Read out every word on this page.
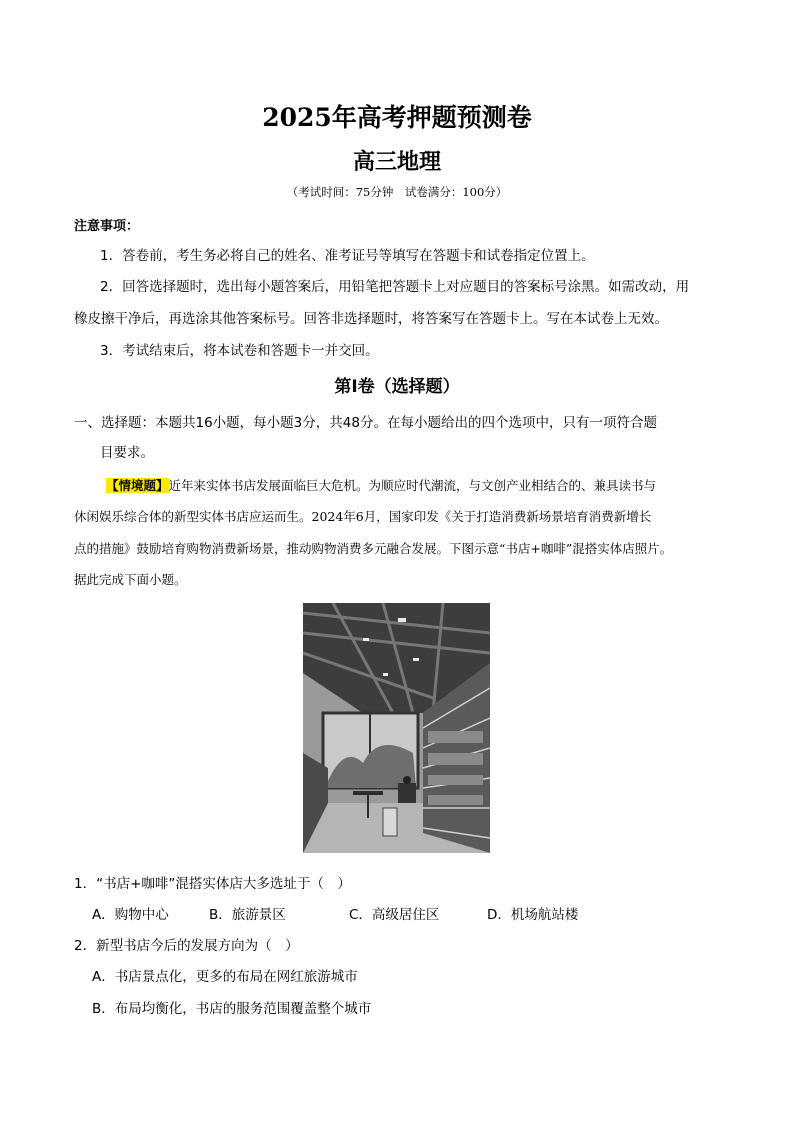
2025年高考押题预测卷
高三地理
（考试时间：75分钟　试卷满分：100分）
注意事项：
1．答卷前，考生务必将自己的姓名、准考证号等填写在答题卡和试卷指定位置上。
2．回答选择题时，选出每小题答案后，用铅笔把答题卡上对应题目的答案标号涂黑。如需改动，用
橡皮擦干净后，再选涂其他答案标号。回答非选择题时，将答案写在答题卡上。写在本试卷上无效。
3．考试结束后，将本试卷和答题卡一并交回。
第Ⅰ卷（选择题）
一、选择题：本题共16小题，每小题3分，共48分。在每小题给出的四个选项中，只有一项符合题
目要求。
【情境题】近年来实体书店发展面临巨大危机。为顺应时代潮流，与文创产业相结合的、兼具读书与
休闲娱乐综合体的新型实体书店应运而生。2024年6月，国家印发《关于打造消费新场景培育消费新增长
点的措施》鼓励培育购物消费新场景，推动购物消费多元融合发展。下图示意“书店+咖啡”混搭实体店照片。
据此完成下面小题。
1．“书店+咖啡”混搭实体店大多选址于（　）
A．购物中心	B．旅游景区	C．高级居住区	D．机场航站楼
2．新型书店今后的发展方向为（　）
A．书店景点化，更多的布局在网红旅游城市
B．布局均衡化，书店的服务范围覆盖整个城市
